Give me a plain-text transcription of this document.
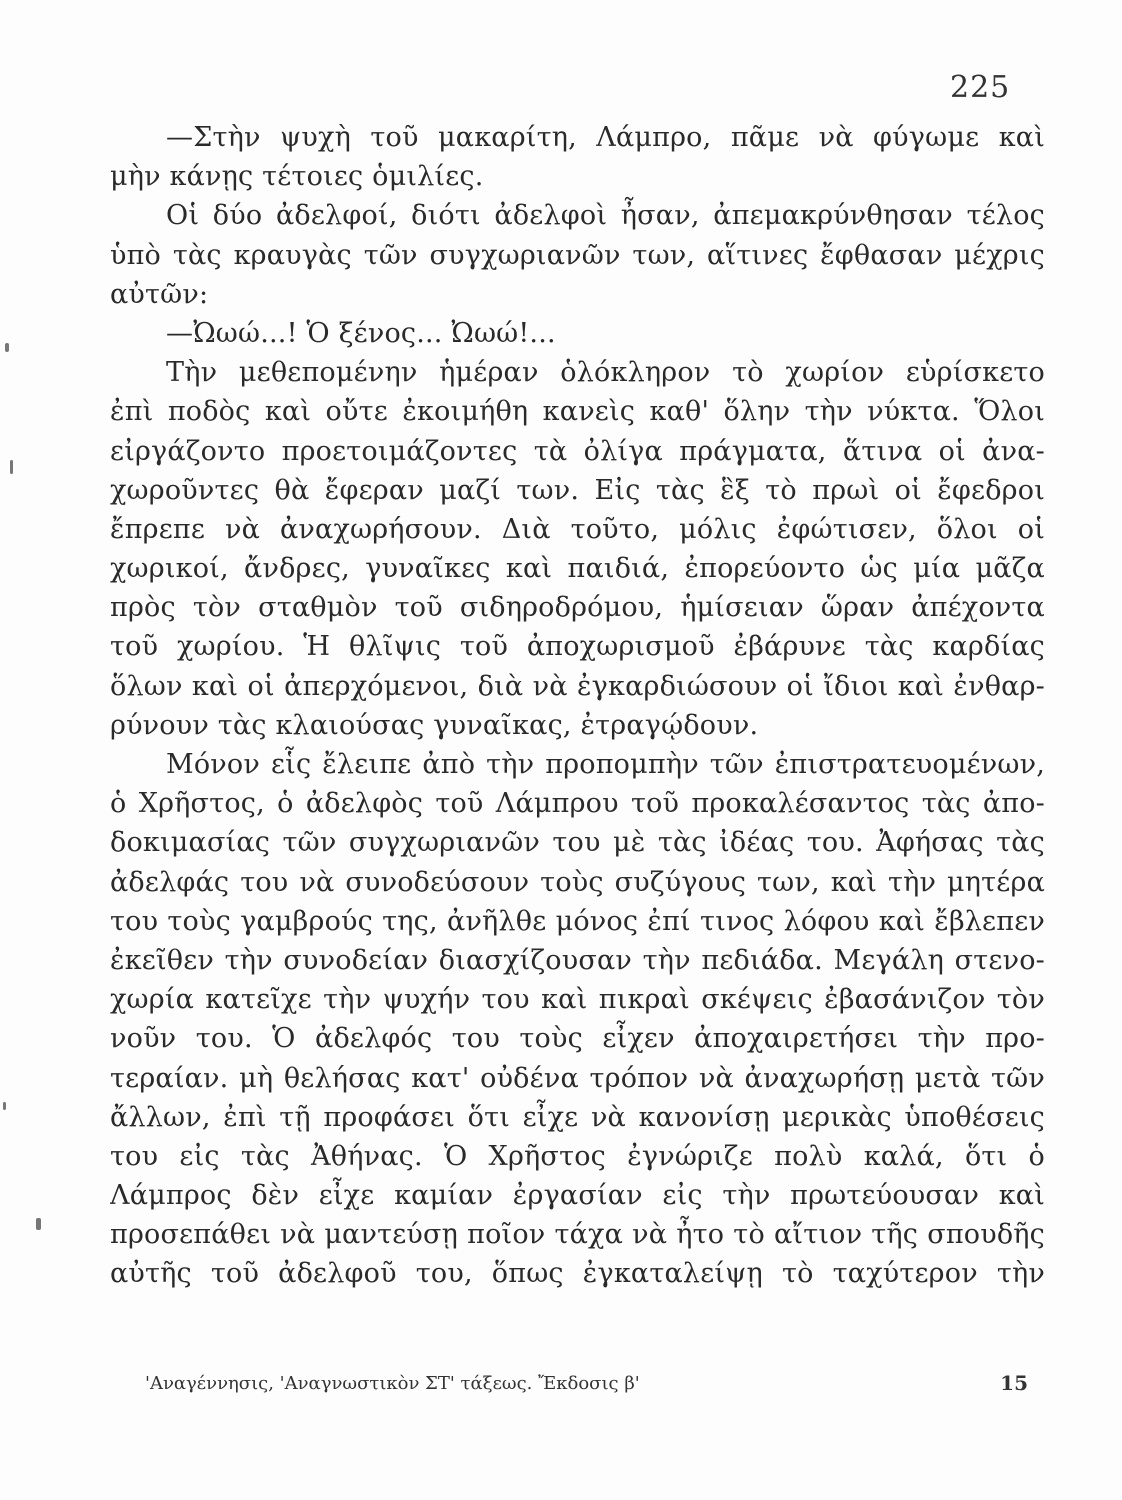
225
—Στὴν ψυχὴ τοῦ μακαρίτη, Λάμπρο, πᾶμε νὰ φύγωμε καὶ
μὴν κάνῃς τέτοιες ὁμιλίες.
Οἱ δύο ἀδελφοί, διότι ἀδελφοὶ ἦσαν, ἀπεμακρύνθησαν τέλος
ὑπὸ τὰς κραυγὰς τῶν συγχωριανῶν των, αἵτινες ἔφθασαν μέχρις
αὐτῶν:
—Ὠωώ...! Ὁ ξένος... Ὠωώ!...
Τὴν μεθεπομένην ἡμέραν ὁλόκληρον τὸ χωρίον εὑρίσκετο
ἐπὶ ποδὸς καὶ οὔτε ἐκοιμήθη κανεὶς καθ' ὅλην τὴν νύκτα. Ὅλοι
εἰργάζοντο προετοιμάζοντες τὰ ὀλίγα πράγματα, ἅτινα οἱ ἀνα-
χωροῦντες θὰ ἔφεραν μαζί των. Εἰς τὰς ἓξ τὸ πρωὶ οἱ ἔφεδροι
ἔπρεπε νὰ ἀναχωρήσουν. Διὰ τοῦτο, μόλις ἐφώτισεν, ὅλοι οἱ
χωρικοί, ἄνδρες, γυναῖκες καὶ παιδιά, ἐπορεύοντο ὡς μία μᾶζα
πρὸς τὸν σταθμὸν τοῦ σιδηροδρόμου, ἡμίσειαν ὥραν ἀπέχοντα
τοῦ χωρίου. Ἡ θλῖψις τοῦ ἀποχωρισμοῦ ἐβάρυνε τὰς καρδίας
ὅλων καὶ οἱ ἀπερχόμενοι, διὰ νὰ ἐγκαρδιώσουν οἱ ἴδιοι καὶ ἐνθαρ-
ρύνουν τὰς κλαιούσας γυναῖκας, ἐτραγῴδουν.
Μόνον εἷς ἔλειπε ἀπὸ τὴν προπομπὴν τῶν ἐπιστρατευομένων,
ὁ Χρῆστος, ὁ ἀδελφὸς τοῦ Λάμπρου τοῦ προκαλέσαντος τὰς ἀπο-
δοκιμασίας τῶν συγχωριανῶν του μὲ τὰς ἰδέας του. Ἀφήσας τὰς
ἀδελφάς του νὰ συνοδεύσουν τοὺς συζύγους των, καὶ τὴν μητέρα
του τοὺς γαμβρούς της, ἀνῆλθε μόνος ἐπί τινος λόφου καὶ ἔβλεπεν
ἐκεῖθεν τὴν συνοδείαν διασχίζουσαν τὴν πεδιάδα. Μεγάλη στενο-
χωρία κατεῖχε τὴν ψυχήν του καὶ πικραὶ σκέψεις ἐβασάνιζον τὸν
νοῦν του. Ὁ ἀδελφός του τοὺς εἶχεν ἀποχαιρετήσει τὴν προ-
τεραίαν. μὴ θελήσας κατ' οὐδένα τρόπον νὰ ἀναχωρήσῃ μετὰ τῶν
ἄλλων, ἐπὶ τῇ προφάσει ὅτι εἶχε νὰ κανονίσῃ μερικὰς ὑποθέσεις
του εἰς τὰς Ἀθήνας. Ὁ Χρῆστος ἐγνώριζε πολὺ καλά, ὅτι ὁ
Λάμπρος δὲν εἶχε καμίαν ἐργασίαν εἰς τὴν πρωτεύουσαν καὶ
προσεπάθει νὰ μαντεύσῃ ποῖον τάχα νὰ ἦτο τὸ αἴτιον τῆς σπουδῆς
αὐτῆς τοῦ ἀδελφοῦ του, ὅπως ἐγκαταλείψῃ τὸ ταχύτερον τὴν
'Αναγέννησις, 'Αναγνωστικὸν ΣΤ' τάξεως. Ἔκδοσις β'	15
